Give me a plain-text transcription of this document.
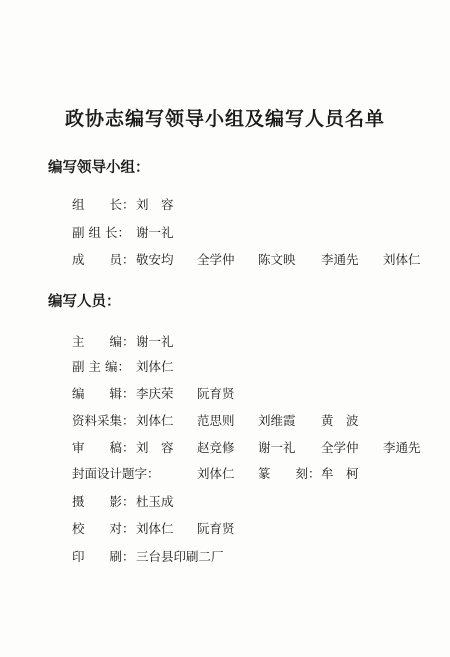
政协志编写领导小组及编写人员名单
编写领导小组：
组　　长： 刘　容
副 组 长： 谢一礼
成　　员： 敬安均 全学仲 陈文映 李通先 刘体仁
编写人员：
主　　编： 谢一礼
副 主 编： 刘体仁
编　　辑： 李庆荣 阮育贤
资料采集： 刘体仁 范思则 刘维霞 黄　波
审　　稿： 刘　容 赵竞修 谢一礼 全学仲 李通先
封面设计题字：	刘体仁 篆　　刻： 牟　柯
摄　　影： 杜玉成
校　　对： 刘体仁 阮育贤
印　　刷： 三台县印刷二厂
